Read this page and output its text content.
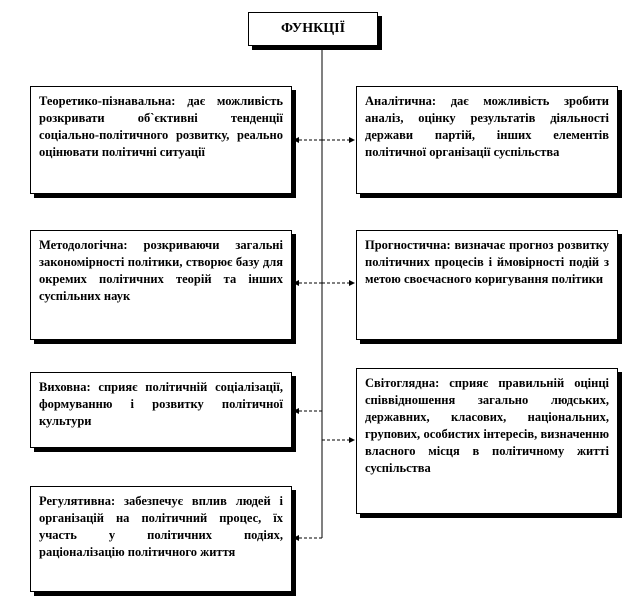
ФУНКЦІЇ
Теоретико-пізнавальна: дає можливість розкривати об`єктивні тенденції соціально-політичного розвитку, реально оцінювати політичні ситуації
Методологічна: розкриваючи загальні закономірності політики, створює базу для окремих політичних теорій та інших суспільних наук
Виховна: сприяє політичній соціалізації, формуванню і розвитку політичної культури
Регулятивна: забезпечує вплив людей і організацій на політичний процес, їх участь у політичних подіях, раціоналізацію політичного життя
Аналітична: дає можливість зробити аналіз, оцінку результатів діяльності держави партій, інших елементів політичної організації суспільства
Прогностична: визначає прогноз розвитку політичних процесів і ймовірності подій з метою своєчасного коригування політики
Світоглядна: сприяє правильній оцінці співвідношення загально людських, державних, класових, національних, групових, особистих інтересів, визначенню власного місця в політичному житті суспільства
